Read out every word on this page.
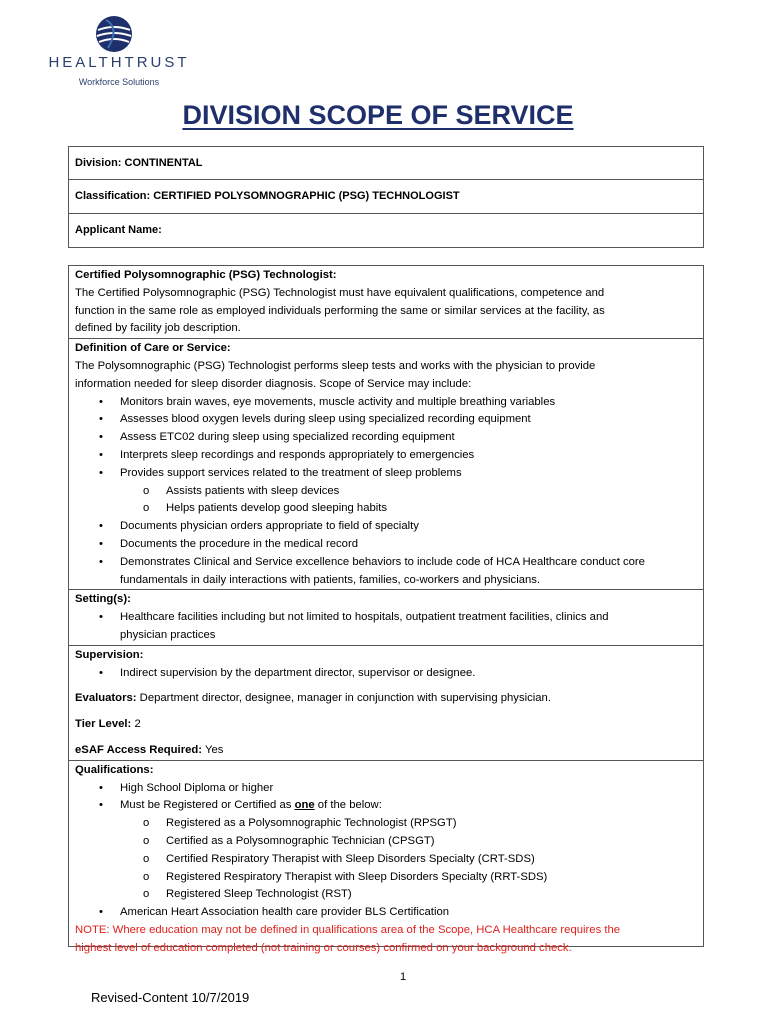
HEALTHTRUST
Workforce Solutions
DIVISION SCOPE OF SERVICE
Division: CONTINENTAL
Classification: CERTIFIED POLYSOMNOGRAPHIC (PSG) TECHNOLOGIST
Applicant Name:
Certified Polysomnographic (PSG) Technologist:
The Certified Polysomnographic (PSG) Technologist must have equivalent qualifications, competence and
function in the same role as employed individuals performing the same or similar services at the facility, as
defined by facility job description.
Definition of Care or Service:
The Polysomnographic (PSG) Technologist performs sleep tests and works with the physician to provide
information needed for sleep disorder diagnosis. Scope of Service may include:
• Monitors brain waves, eye movements, muscle activity and multiple breathing variables
• Assesses blood oxygen levels during sleep using specialized recording equipment
• Assess ETC02 during sleep using specialized recording equipment
• Interprets sleep recordings and responds appropriately to emergencies
• Provides support services related to the treatment of sleep problems
o Assists patients with sleep devices
o Helps patients develop good sleeping habits
• Documents physician orders appropriate to field of specialty
• Documents the procedure in the medical record
• Demonstrates Clinical and Service excellence behaviors to include code of HCA Healthcare conduct core
fundamentals in daily interactions with patients, families, co-workers and physicians.
Setting(s):
• Healthcare facilities including but not limited to hospitals, outpatient treatment facilities, clinics and
physician practices
Supervision:
• Indirect supervision by the department director, supervisor or designee.
Evaluators: Department director, designee, manager in conjunction with supervising physician.
Tier Level: 2
eSAF Access Required: Yes
Qualifications:
• High School Diploma or higher
• Must be Registered or Certified as one of the below:
o Registered as a Polysomnographic Technologist (RPSGT)
o Certified as a Polysomnographic Technician (CPSGT)
o Certified Respiratory Therapist with Sleep Disorders Specialty (CRT-SDS)
o Registered Respiratory Therapist with Sleep Disorders Specialty (RRT-SDS)
o Registered Sleep Technologist (RST)
• American Heart Association health care provider BLS Certification
NOTE: Where education may not be defined in qualifications area of the Scope, HCA Healthcare requires the
highest level of education completed (not training or courses) confirmed on your background check.
1
Revised-Content 10/7/2019
